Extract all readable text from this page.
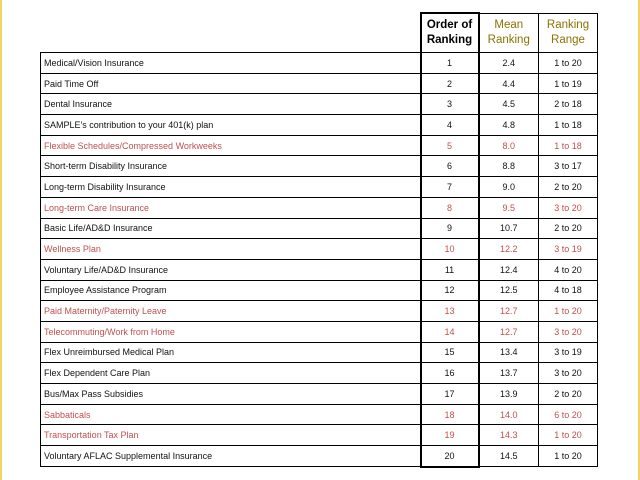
	Order of Ranking	Mean Ranking	Ranking Range
Medical/Vision Insurance	1	2.4	1 to 20
Paid Time Off	2	4.4	1 to 19
Dental Insurance	3	4.5	2 to 18
SAMPLE's contribution to your 401(k) plan	4	4.8	1 to 18
Flexible Schedules/Compressed Workweeks	5	8.0	1 to 18
Short-term Disability Insurance	6	8.8	3 to 17
Long-term Disability Insurance	7	9.0	2 to 20
Long-term Care Insurance	8	9.5	3 to 20
Basic Life/AD&D Insurance	9	10.7	2 to 20
Wellness Plan	10	12.2	3 to 19
Voluntary Life/AD&D Insurance	11	12.4	4 to 20
Employee Assistance Program	12	12.5	4 to 18
Paid Maternity/Paternity Leave	13	12.7	1 to 20
Telecommuting/Work from Home	14	12.7	3 to 20
Flex Unreimbursed Medical Plan	15	13.4	3 to 19
Flex Dependent Care Plan	16	13.7	3 to 20
Bus/Max Pass Subsidies	17	13.9	2 to 20
Sabbaticals	18	14.0	6 to 20
Transportation Tax Plan	19	14.3	1 to 20
Voluntary AFLAC Supplemental Insurance	20	14.5	1 to 20
